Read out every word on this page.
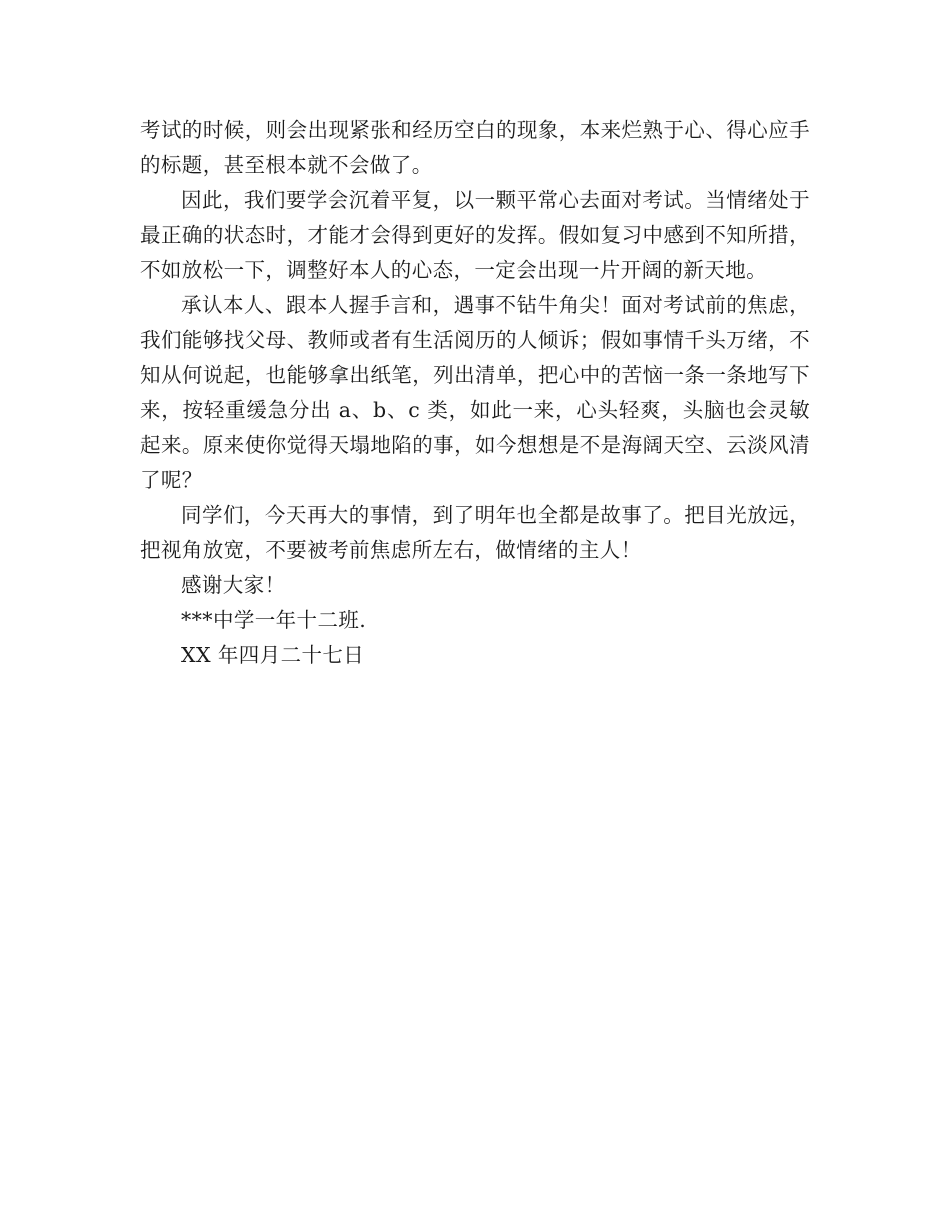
考试的时候，则会出现紧张和经历空白的现象，本来烂熟于心、得心应手的标题，甚至根本就不会做了。

因此，我们要学会沉着平复，以一颗平常心去面对考试。当情绪处于最正确的状态时，才能才会得到更好的发挥。假如复习中感到不知所措，不如放松一下，调整好本人的心态，一定会出现一片开阔的新天地。

承认本人、跟本人握手言和，遇事不钻牛角尖！面对考试前的焦虑，我们能够找父母、教师或者有生活阅历的人倾诉；假如事情千头万绪，不知从何说起，也能够拿出纸笔，列出清单，把心中的苦恼一条一条地写下来，按轻重缓急分出 a、b、c 类，如此一来，心头轻爽，头脑也会灵敏起来。原来使你觉得天塌地陷的事，如今想想是不是海阔天空、云淡风清了呢？

同学们，今天再大的事情，到了明年也全都是故事了。把目光放远，把视角放宽，不要被考前焦虑所左右，做情绪的主人！

感谢大家！

***中学一年十二班.

XX 年四月二十七日
